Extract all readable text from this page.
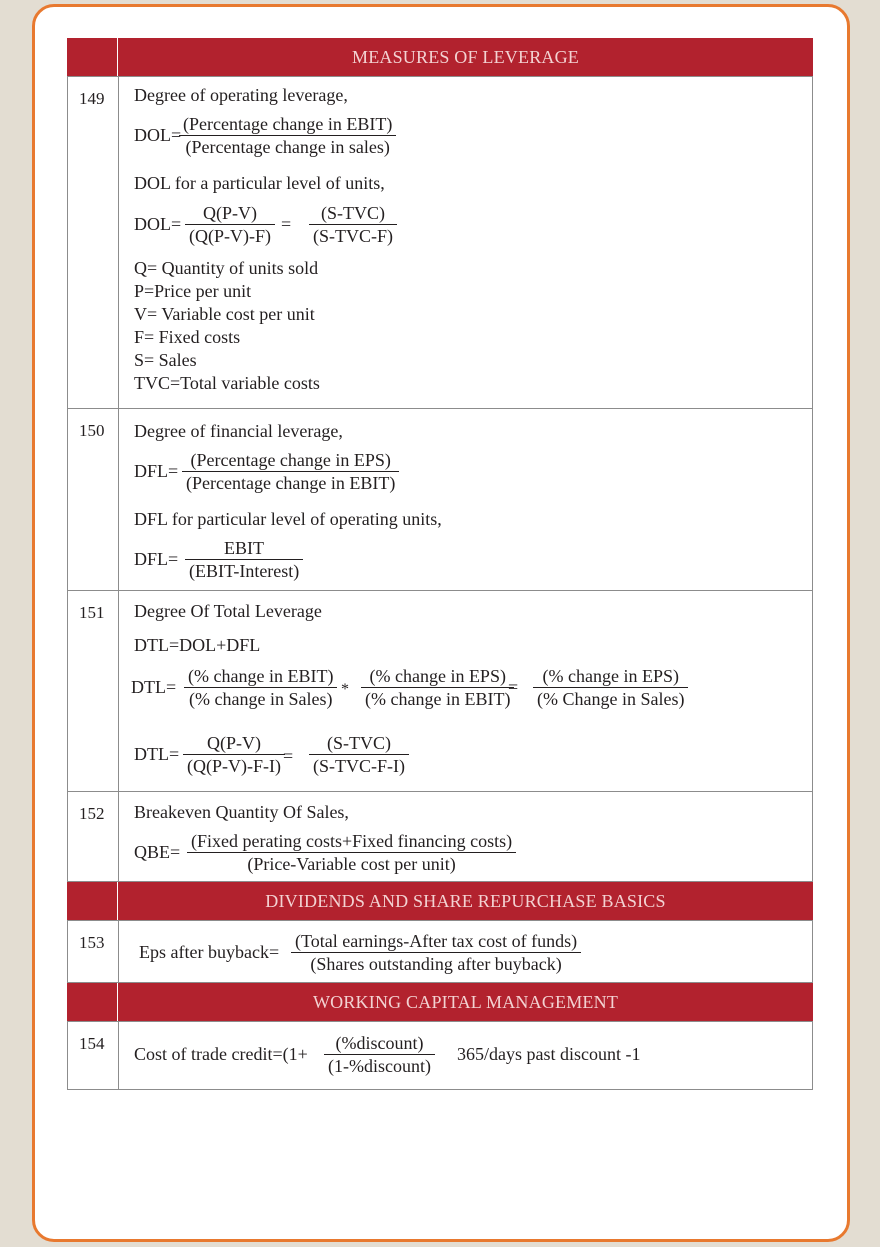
MEASURES OF LEVERAGE
149	Degree of operating leverage,
DOL=
(Percentage change in EBIT)
(Percentage change in sales)
DOL for a particular level of units,
$DOL= \frac{Q(P-V)}{(Q(P-V)-F)}$ =
(S-TVC)
(S-TVC-F)
Q= Quantity of units sold
P=Price per unit
V= Variable cost per unit
F= Fixed costs
S= Sales
TVC=Total variable costs
150	Degree of financial leverage,
DFL=
(Percentage change in EPS)
(Percentage change in EBIT)
DFL for particular level of operating units,
DFL=
EBIT
(EBIT-Interest)
151	Degree Of Total Leverage
DTL=DOL+DFL
DTL=
(% change in EBIT)
(% change in Sales) *
(% change in EPS)
(% change in EBIT)
=
(% change in EPS)
(% Change in Sales)
$DTL= \frac{Q(P-V)}{(Q(P-V)-F-I)}$
=
(S-TVC)
(S-TVC-F-I)
152	Breakeven Quantity Of Sales,
QBE=
(Fixed perating costs+Fixed financing costs)
(Price-Variable cost per unit)
DIVIDENDS AND SHARE REPURCHASE BASICS
153	Eps after buyback=
(Total earnings-After tax cost of funds)
(Shares outstanding after buyback)
WORKING CAPITAL MANAGEMENT
154
Cost of trade credit=(1+
(%discount)
(1-%discount)
365/days past discount -1
